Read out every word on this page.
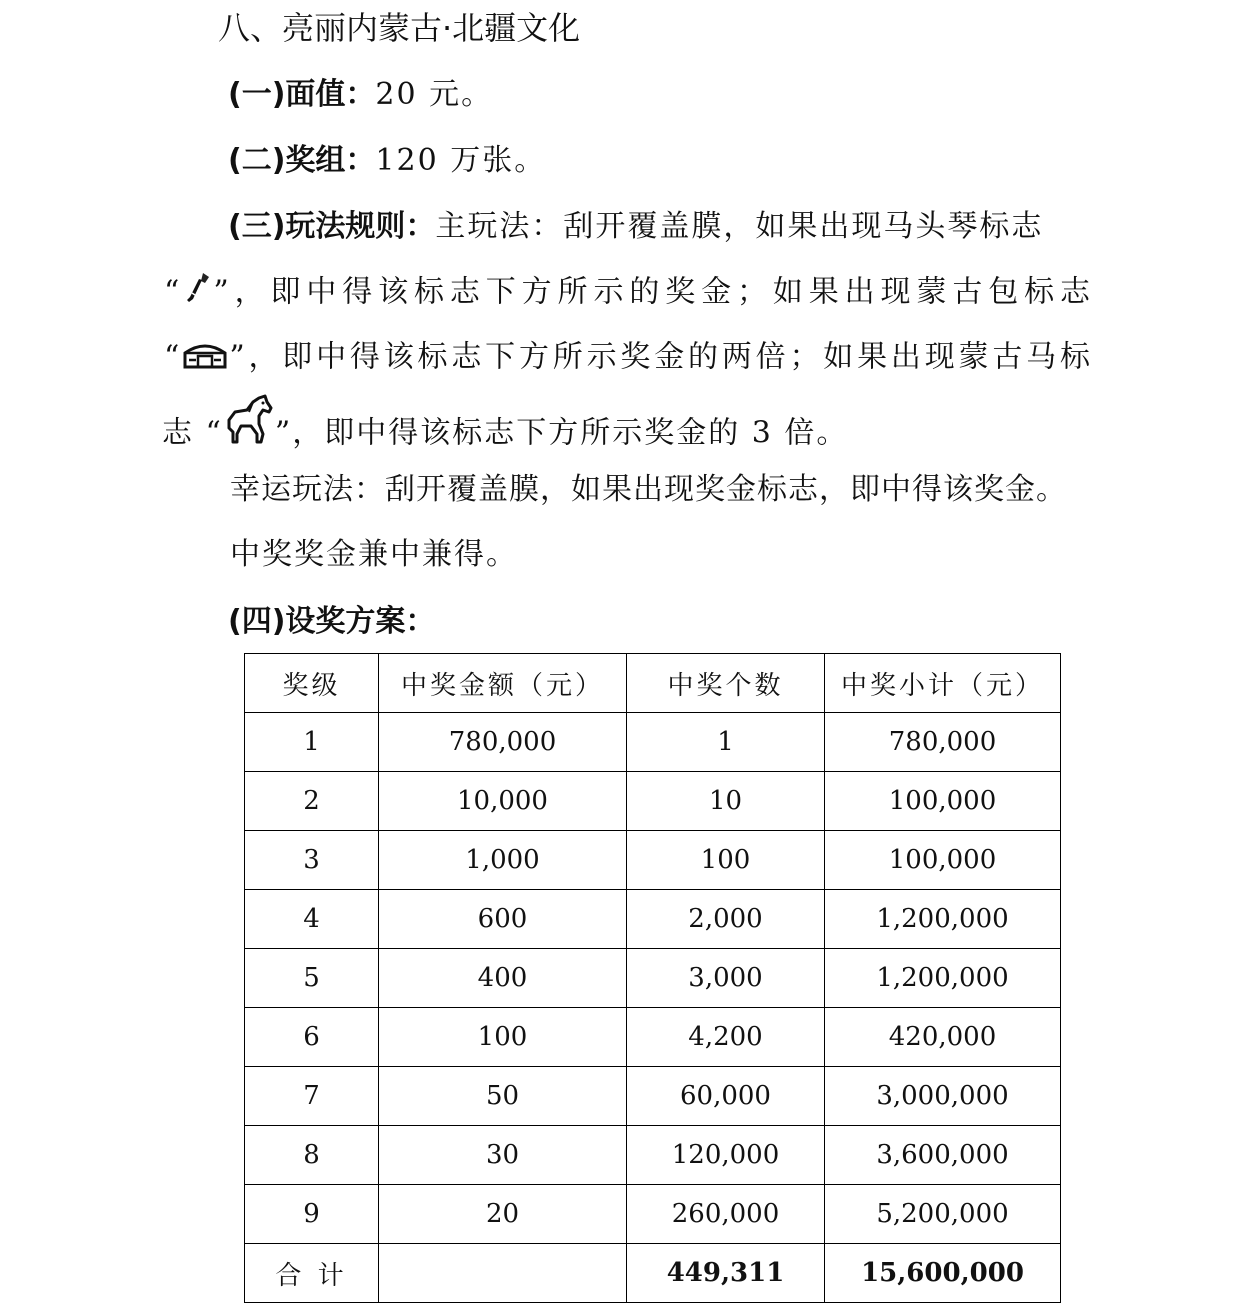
八、亮丽内蒙古·北疆文化
(一)面值：20 元。
(二)奖组：120 万张。
(三)玩法规则：主玩法：刮开覆盖膜，如果出现马头琴标志
“ ”，即中得该标志下方所示的奖金；如果出现蒙古包标志
“ ”，即中得该标志下方所示奖金的两倍；如果出现蒙古马标
志 “ ”，即中得该标志下方所示奖金的 3 倍。
幸运玩法：刮开覆盖膜，如果出现奖金标志，即中得该奖金。
中奖奖金兼中兼得。
(四)设奖方案：
奖级	中奖金额（元）	中奖个数	中奖小计（元）
1	780,000	1	780,000
2	10,000	10	100,000
3	1,000	100	100,000
4	600	2,000	1,200,000
5	400	3,000	1,200,000
6	100	4,200	420,000
7	50	60,000	3,000,000
8	30	120,000	3,600,000
9	20	260,000	5,200,000
合 计		449,311	15,600,000
